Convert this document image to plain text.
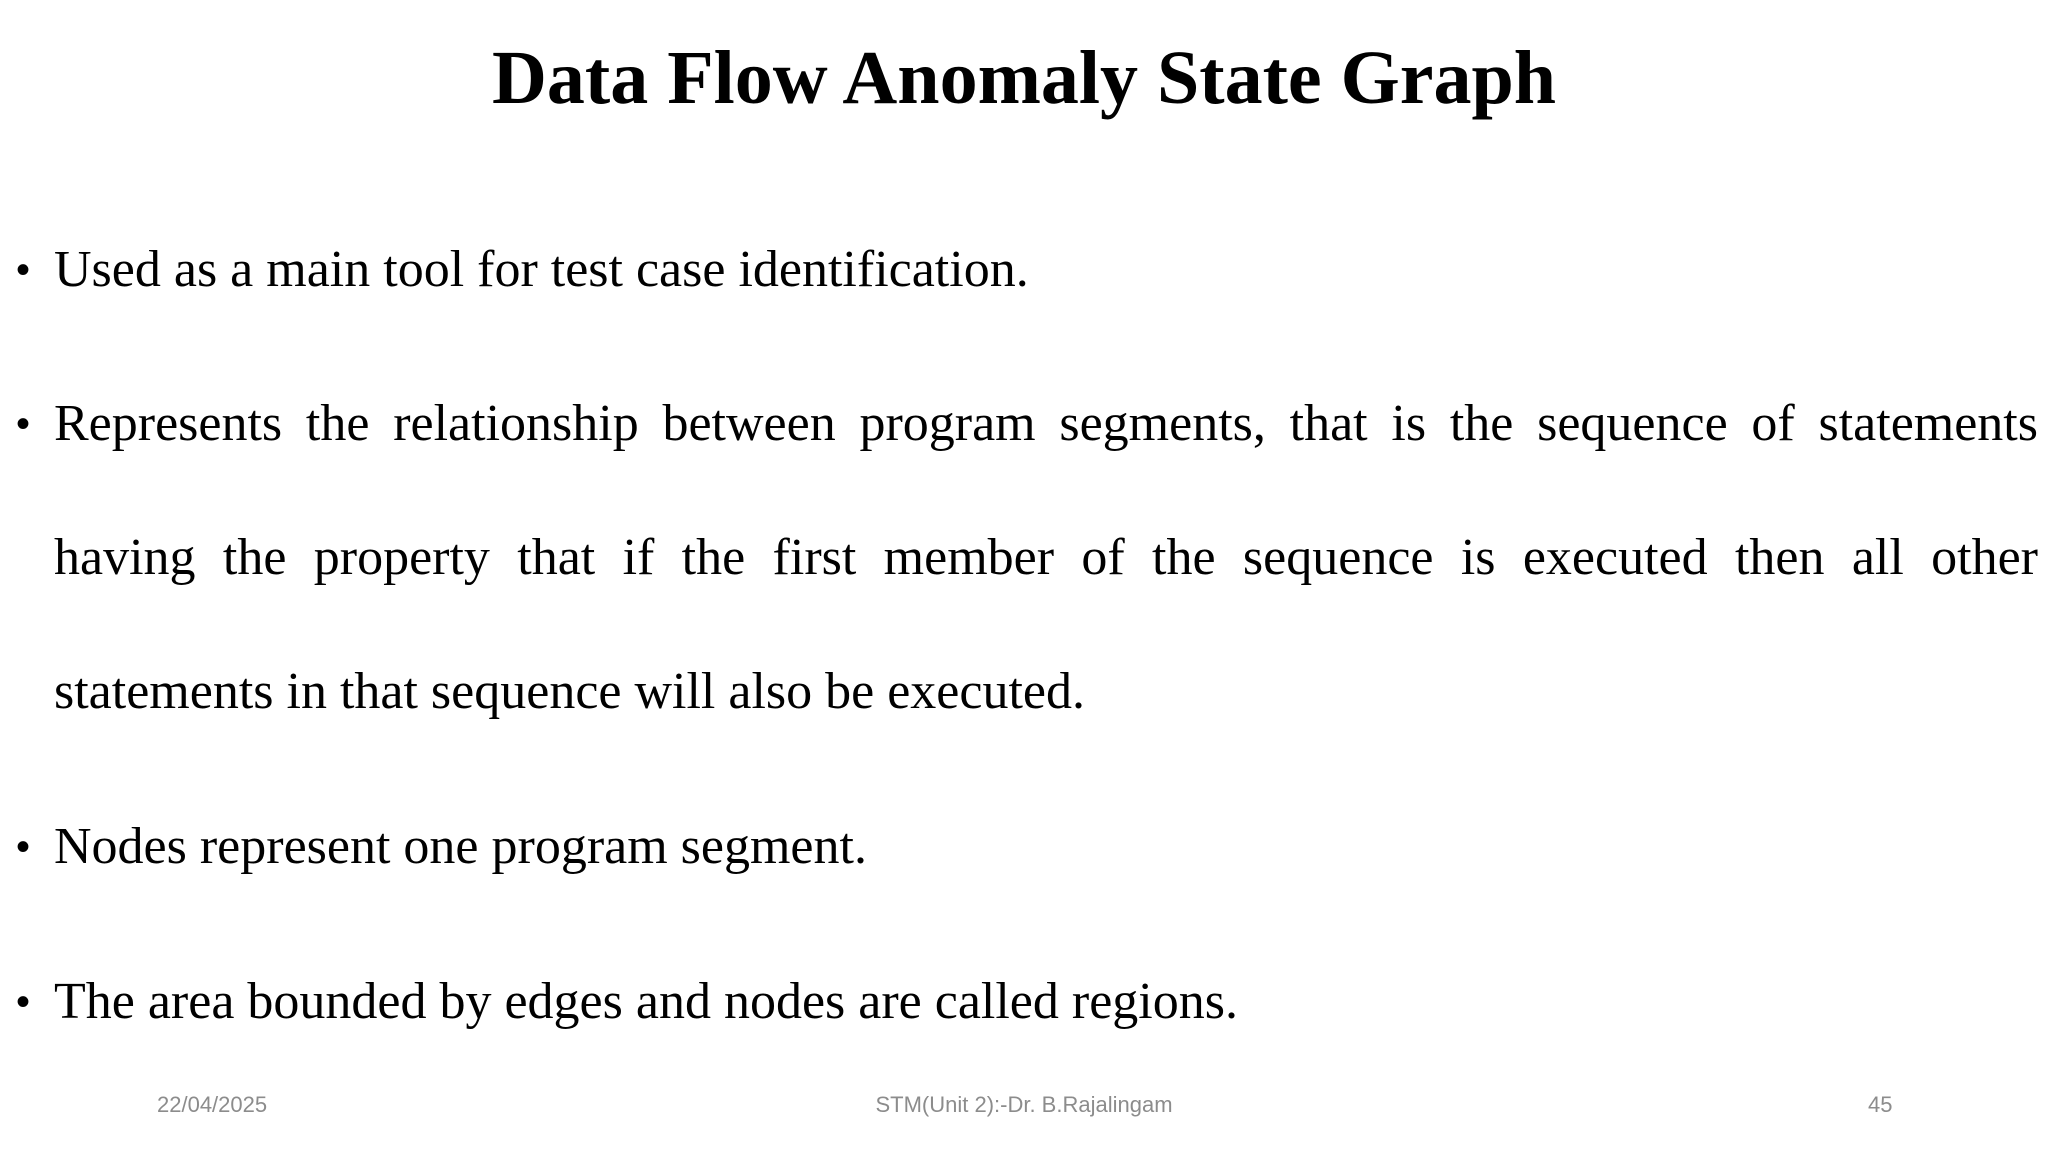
Data Flow Anomaly State Graph
• Used as a main tool for test case identification.
• Represents the relationship between program segments, that is the sequence of statements having the property that if the first member of the sequence is executed then all other statements in that sequence will also be executed.
• Nodes represent one program segment.
• The area bounded by edges and nodes are called regions.
22/04/2025	STM(Unit 2):-Dr. B.Rajalingam	45
